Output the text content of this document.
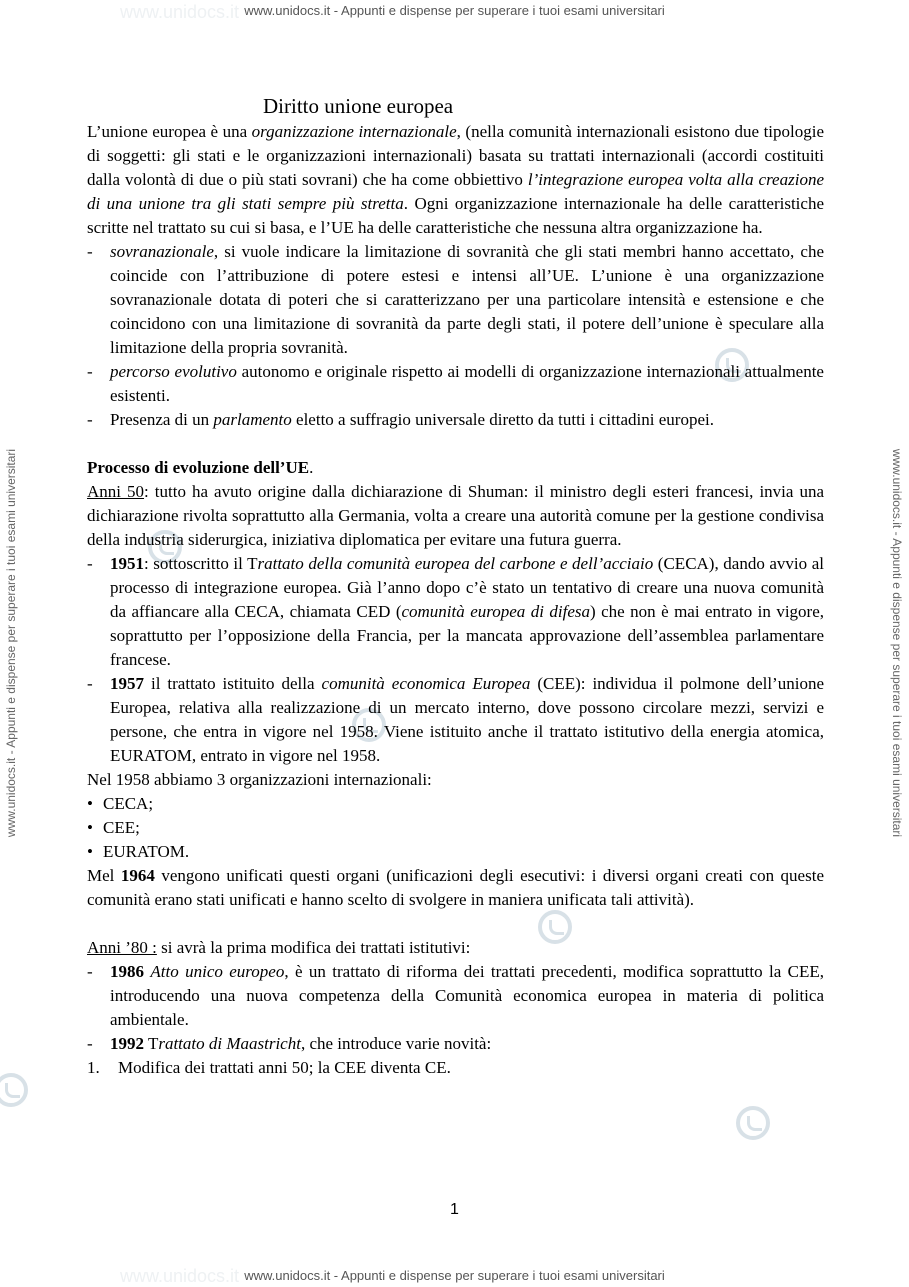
www.unidocs.it - Appunti e dispense per superare i tuoi esami universitari
www.unidocs.it - Appunti e dispense per superare i tuoi esami universitari
www.unidocs.it - Appunti e dispense per superare i tuoi esami universitari	www.unidocs.it - Appunti e dispense per superare i tuoi esami universitari
www.unidocs.it
www.unidocs.it
Diritto unione europea

L’unione europea è una organizzazione internazionale, (nella comunità internazionali esistono due tipologie di soggetti: gli stati e le organizzazioni internazionali) basata su trattati internazionali (accordi costituiti dalla volontà di due o più stati sovrani) che ha come obbiettivo l’integrazione europea volta alla creazione di una unione tra gli stati sempre più stretta. Ogni organizzazione internazionale ha delle caratteristiche scritte nel trattato su cui si basa, e l’UE ha delle caratteristiche che nessuna altra organizzazione ha.

-	sovranazionale, si vuole indicare la limitazione di sovranità che gli stati membri hanno accettato, che coincide con l’attribuzione di potere estesi e intensi all’UE. L’unione è una organizzazione sovranazionale dotata di poteri che si caratterizzano per una particolare intensità e estensione e che coincidono con una limitazione di sovranità da parte degli stati, il potere dell’unione è speculare alla limitazione della propria sovranità.
-	percorso evolutivo autonomo e originale rispetto ai modelli di organizzazione internazionali attualmente esistenti.
-	Presenza di un parlamento eletto a suffragio universale diretto da tutti i cittadini europei.

Processo di evoluzione dell’UE.

Anni 50: tutto ha avuto origine dalla dichiarazione di Shuman: il ministro degli esteri francesi, invia una dichiarazione rivolta soprattutto alla Germania, volta a creare una autorità comune per la gestione condivisa della industria siderurgica, iniziativa diplomatica per evitare una futura guerra.

-	1951: sottoscritto il Trattato della comunità europea del carbone e dell’acciaio (CECA), dando avvio al processo di integrazione europea. Già l’anno dopo c’è stato un tentativo di creare una nuova comunità da affiancare alla CECA, chiamata CED (comunità europea di difesa) che non è mai entrato in vigore, soprattutto per l’opposizione della Francia, per la mancata approvazione dell’assemblea parlamentare francese.
-	1957 il trattato istituito della comunità economica Europea (CEE): individua il polmone dell’unione Europea, relativa alla realizzazione di un mercato interno, dove possono circolare mezzi, servizi e persone, che entra in vigore nel 1958. Viene istituito anche il trattato istitutivo della energia atomica, EURATOM, entrato in vigore nel 1958.

Nel 1958 abbiamo 3 organizzazioni internazionali:

• CECA;
• CEE;
• EURATOM.

Mel 1964 vengono unificati questi organi (unificazioni degli esecutivi: i diversi organi creati con queste comunità erano stati unificati e hanno scelto di svolgere in maniera unificata tali attività).

Anni ’80 : si avrà la prima modifica dei trattati istitutivi:

-	1986 Atto unico europeo, è un trattato di riforma dei trattati precedenti, modifica soprattutto la CEE, introducendo una nuova competenza della Comunità economica europea in materia di politica ambientale.
-	1992 Trattato di Maastricht, che introduce varie novità:
1.	Modifica dei trattati anni 50; la CEE diventa CE.
1
